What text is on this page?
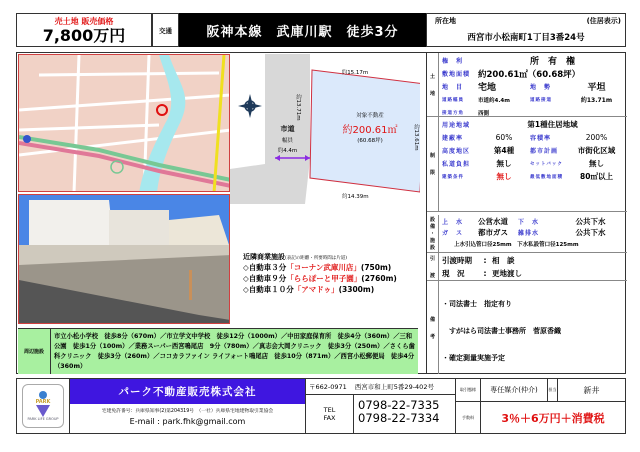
売土地 販売価格
7,800万円	交通	阪神本線　武庫川駅　徒歩3分
所在地	(住居表示)
西宮市小松南町1丁目3番24号
約15.17m
約13.71m
約13.61m
約14.39m
市道
幅員
約4.4m
対象不動産
約200.61㎡
(60.68坪)
近隣商業施設(表記の距離・所要時間は片道)
◇自動車３分「コーナン武庫川店」(750m)
◇自動車９分「ららぽーと甲子園」(2760m)
◇自動車１０分「アマドゥ」(3300m)
周辺施設
市立小松小学校　徒歩8分（670m）／市立学文中学校　徒歩12分（1000m）／中田家庭保育所　徒歩4分（360m）／三和公園　徒歩1分（100m）／業務スーパー西宮鳴尾店　9分（780m）／真志会大岡クリニック　徒歩3分（250m）／さくら歯科クリニック　徒歩3分（260m）／ココカラファイン ライフォート鳴尾店　徒歩10分（871m）／西宮小松郵便局　徒歩4分（360m）
土
地
権　利	所　有　権
敷地面積 約200.61㎡（60.68坪）
地　目	宅地	地　勢	平坦
道路幅員	市道約4.4m	道路接道	約13.71m
接道方角	西側
制
限
用途地域	第1種住居地域
建蔽率	60%	容積率	200%
高度地区	第4種	都市計画	市街化区域
私道負担	無し	セットバック	無し
建築条件	無し	最低敷地面積	80㎡以上
設
備
・
施
設
上　水	公営水道	下　水	公共下水
ガ　ス	都市ガス	雑排水	公共下水
上水引込管口径25mm　下水私設管口径125mm
引
渡
引渡時期	: 相　談
現　況	: 更地渡し
備
考

・司法書士　指定有り

　すがはら司法書士事務所　菅原香織

・確定測量実施予定

PARK
PARK LIFE GROUP
パーク不動産販売株式会社
宅建免許番号：兵庫県知事(2)第204319号　（一社）兵庫県宅地建物取引業協会
E-mail : park.fhk@gmail.com
〒662-0971 西宮市和上町5番29-402号
TEL
FAX
0798-22-7335
0798-22-7334
取引態様	専任媒介(仲介)	担当	新井
手数料	3％＋6万円＋消費税
